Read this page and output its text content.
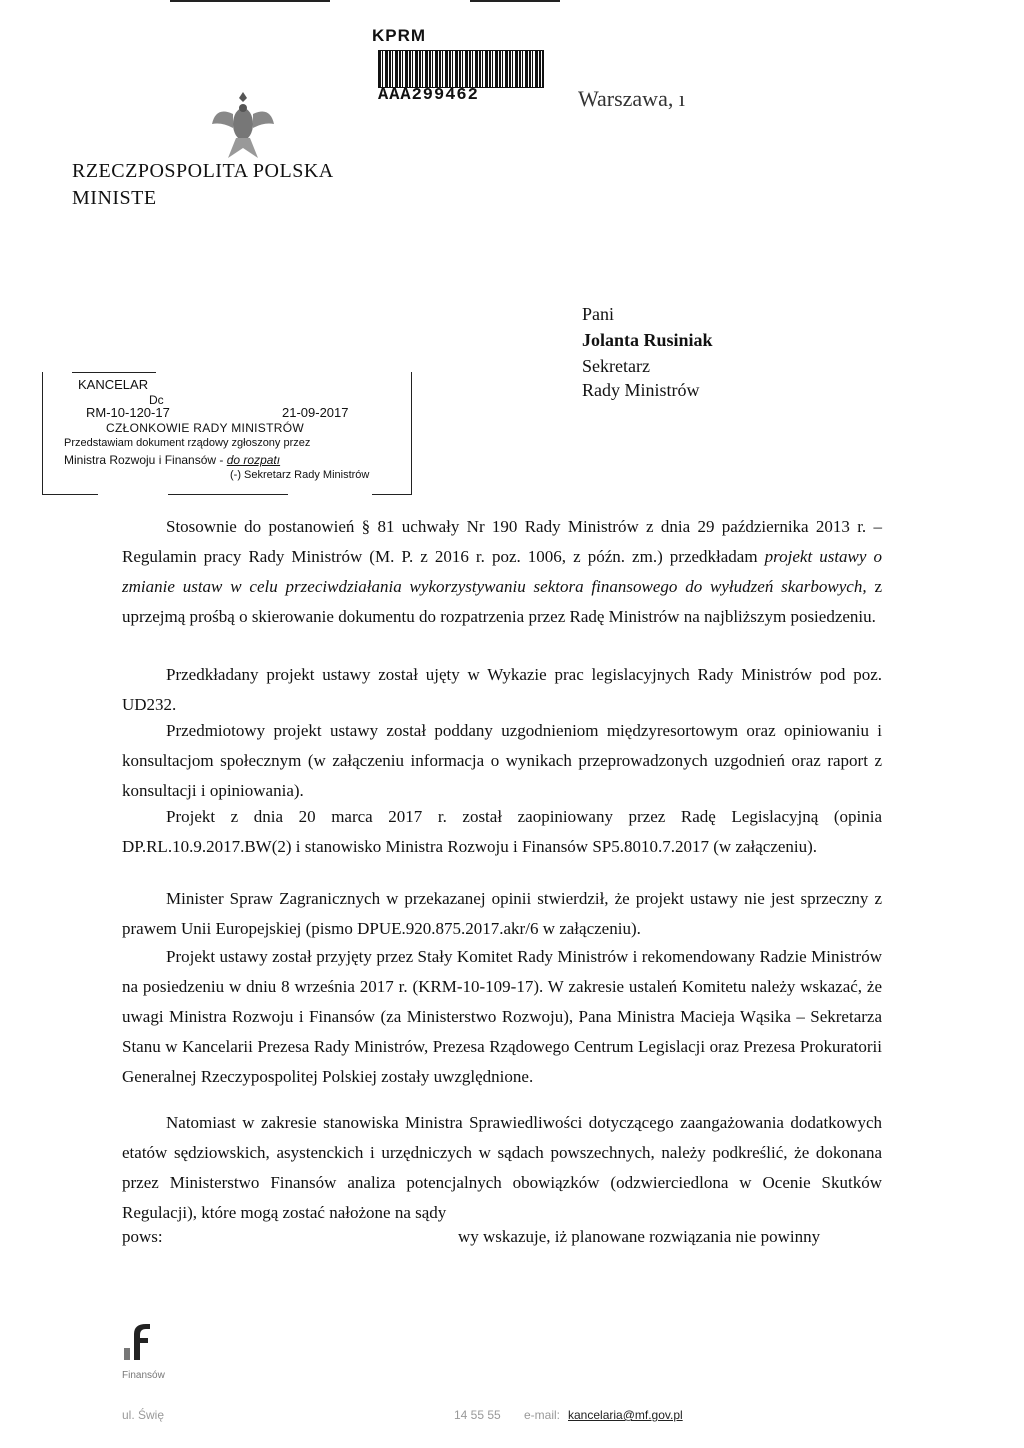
KPRM
AAA299462	Warszawa, ı
RZECZPOSPOLITA POLSKA
MINISTE
KANCELAR
Dc
RM-10-120-17	21-09-2017
CZŁONKOWIE RADY MINISTRÓW
Przedstawiam dokument rządowy zgłoszony przez
Ministra Rozwoju i Finansów - do rozpatı
(-) Sekretarz Rady Ministrów
Pani
Jolanta Rusiniak
Sekretarz
Rady Ministrów
Stosownie do postanowień § 81 uchwały Nr 190 Rady Ministrów z dnia 29 października 2013 r. – Regulamin pracy Rady Ministrów (M. P. z 2016 r. poz. 1006, z późn. zm.) przedkładam projekt ustawy o zmianie ustaw w celu przeciwdziałania wykorzystywaniu sektora finansowego do wyłudzeń skarbowych, z uprzejmą prośbą o skierowanie dokumentu do rozpatrzenia przez Radę Ministrów na najbliższym posiedzeniu.
Przedkładany projekt ustawy został ujęty w Wykazie prac legislacyjnych Rady Ministrów pod poz. UD232.
Przedmiotowy projekt ustawy został poddany uzgodnieniom międzyresortowym oraz opiniowaniu i konsultacjom społecznym (w załączeniu informacja o wynikach przeprowadzonych uzgodnień oraz raport z konsultacji i opiniowania).
Projekt z dnia 20 marca 2017 r. został zaopiniowany przez Radę Legislacyjną (opinia DP.RL.10.9.2017.BW(2) i stanowisko Ministra Rozwoju i Finansów SP5.8010.7.2017 (w załączeniu).
Minister Spraw Zagranicznych w przekazanej opinii stwierdził, że projekt ustawy nie jest sprzeczny z prawem Unii Europejskiej (pismo DPUE.920.875.2017.akr/6 w załączeniu).
Projekt ustawy został przyjęty przez Stały Komitet Rady Ministrów i rekomendowany Radzie Ministrów na posiedzeniu w dniu 8 września 2017 r. (KRM-10-109-17). W zakresie ustaleń Komitetu należy wskazać, że uwagi Ministra Rozwoju i Finansów (za Ministerstwo Rozwoju), Pana Ministra Macieja Wąsika – Sekretarza Stanu w Kancelarii Prezesa Rady Ministrów, Prezesa Rządowego Centrum Legislacji oraz Prezesa Prokuratorii Generalnej Rzeczypospolitej Polskiej zostały uwzględnione.
Natomiast w zakresie stanowiska Ministra Sprawiedliwości dotyczącego zaangażowania dodatkowych etatów sędziowskich, asystenckich i urzędniczych w sądach powszechnych, należy podkreślić, że dokonana przez Ministerstwo Finansów analiza potencjalnych obowiązków (odzwierciedlona w Ocenie Skutków Regulacji), które mogą zostać nałożone na sądy
pows:	wy wskazuje, iż planowane rozwiązania nie powinny
Finansów
ul. Świę	14 55 55 e-mail: kancelaria@mf.gov.pl
